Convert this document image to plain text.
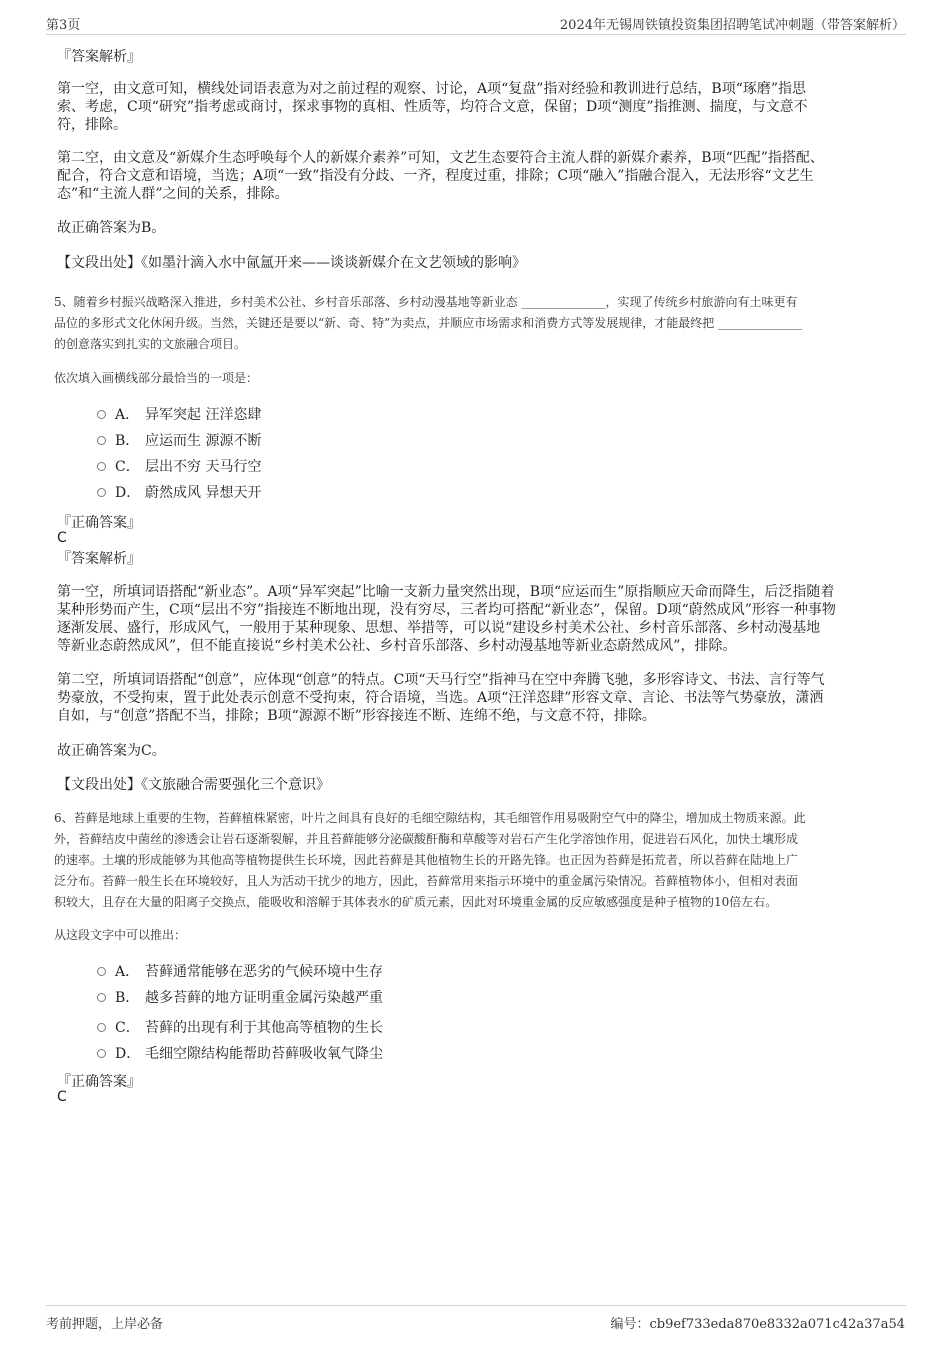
第3页	2024年无锡周铁镇投资集团招聘笔试冲刺题（带答案解析）
『答案解析』
第一空，由文意可知，横线处词语表意为对之前过程的观察、讨论，A项“复盘”指对经验和教训进行总结，B项“琢磨”指思
索、考虑，C项“研究”指考虑或商讨，探求事物的真相、性质等，均符合文意，保留；D项“测度”指推测、揣度，与文意不
符，排除。
第二空，由文意及“新媒介生态呼唤每个人的新媒介素养”可知，文艺生态要符合主流人群的新媒介素养，B项“匹配”指搭配、
配合，符合文意和语境，当选；A项“一致”指没有分歧、一齐，程度过重，排除；C项“融入”指融合混入，无法形容“文艺生
态”和“主流人群”之间的关系，排除。
故正确答案为B。
【文段出处】《如墨汁滴入水中氤氲开来——谈谈新媒介在文艺领域的影响》
5、随着乡村振兴战略深入推进，乡村美术公社、乡村音乐部落、乡村动漫基地等新业态 ______________，实现了传统乡村旅游向有土味更有
品位的多形式文化休闲升级。当然，关键还是要以“新、奇、特”为卖点，并顺应市场需求和消费方式等发展规律，才能最终把 ______________
的创意落实到扎实的文旅融合项目。
依次填入画横线部分最恰当的一项是：
A． 异军突起 汪洋恣肆
B． 应运而生 源源不断
C． 层出不穷 天马行空
D． 蔚然成风 异想天开
『正确答案』
C
『答案解析』
第一空，所填词语搭配“新业态”。A项“异军突起”比喻一支新力量突然出现，B项“应运而生”原指顺应天命而降生，后泛指随着
某种形势而产生，C项“层出不穷”指接连不断地出现，没有穷尽，三者均可搭配“新业态”，保留。D项“蔚然成风”形容一种事物
逐渐发展、盛行，形成风气，一般用于某种现象、思想、举措等，可以说“建设乡村美术公社、乡村音乐部落、乡村动漫基地
等新业态蔚然成风”，但不能直接说“乡村美术公社、乡村音乐部落、乡村动漫基地等新业态蔚然成风”，排除。
第二空，所填词语搭配“创意”，应体现“创意”的特点。C项“天马行空”指神马在空中奔腾飞驰，多形容诗文、书法、言行等气
势豪放，不受拘束，置于此处表示创意不受拘束，符合语境，当选。A项“汪洋恣肆”形容文章、言论、书法等气势豪放，潇洒
自如，与“创意”搭配不当，排除；B项“源源不断”形容接连不断、连绵不绝，与文意不符，排除。
故正确答案为C。
【文段出处】《文旅融合需要强化三个意识》
6、苔藓是地球上重要的生物，苔藓植株紧密，叶片之间具有良好的毛细空隙结构，其毛细管作用易吸附空气中的降尘，增加成土物质来源。此
外，苔藓结皮中菌丝的渗透会让岩石逐渐裂解，并且苔藓能够分泌碳酸酐酶和草酸等对岩石产生化学溶蚀作用，促进岩石风化，加快土壤形成
的速率。土壤的形成能够为其他高等植物提供生长环境，因此苔藓是其他植物生长的开路先锋。也正因为苔藓是拓荒者，所以苔藓在陆地上广
泛分布。苔藓一般生长在环境较好，且人为活动干扰少的地方，因此，苔藓常用来指示环境中的重金属污染情况。苔藓植物体小，但相对表面
积较大，且存在大量的阳离子交换点，能吸收和溶解于其体表水的矿质元素，因此对环境重金属的反应敏感强度是种子植物的10倍左右。
从这段文字中可以推出：
A． 苔藓通常能够在恶劣的气候环境中生存
B． 越多苔藓的地方证明重金属污染越严重
C． 苔藓的出现有利于其他高等植物的生长
D． 毛细空隙结构能帮助苔藓吸收氧气降尘
『正确答案』
C
考前押题，上岸必备	编号：cb9ef733eda870e8332a071c42a37a54
